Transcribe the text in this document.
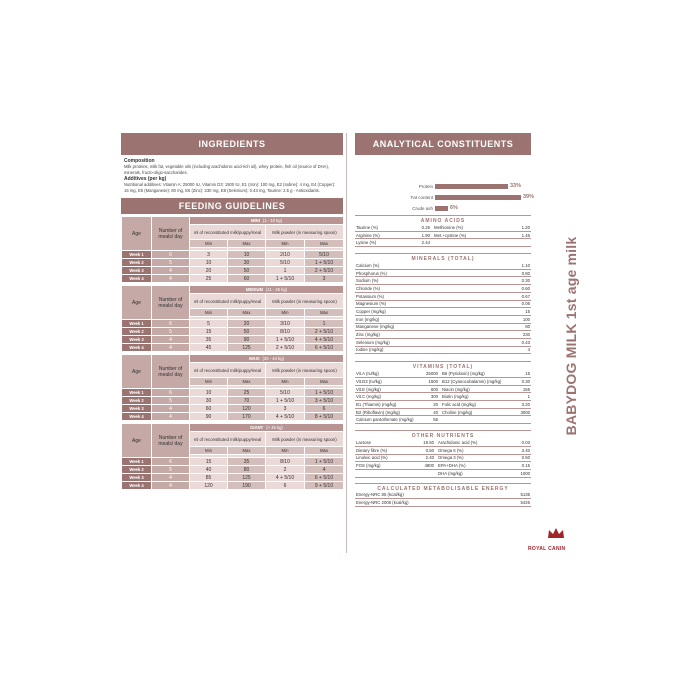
INGREDIENTS
Composition
Milk proteins, milk fat, vegetable oils (including arachidonic acid-rich oil), whey protein, fish oil (source of DHA), minerals, fructo-oligo-saccharides.
Additives (per kg)
Nutritional additives: Vitamin A: 25000 IU, Vitamin D3: 1500 IU, E1 (Iron): 100 mg, E2 (Iodine): 4 mg, E4 (Copper): 15 mg, E5 (Manganese): 80 mg, E6 (Zinc): 230 mg, E8 (Selenium): 0.43 mg, Taurine: 2.5 g - Antioxidants.
FEEDING GUIDELINES
Age	Number of meals/ day	MINI (1 - 10 kg)			
		ml of reconstituted milk/puppy/meal		Milk powder (in measuring spoon)	
		Min	Max	Min	Max

Week 1	6	3	10	2/10	5/10
Week 2	5	10	30	5/10	1 + 5/10
Week 3	4	20	50	1	2 + 5/10
Week 4	4	25	60	1 + 5/10	3
Age	Number of meals/ day	MEDIUM (11 - 25 kg)			
		ml of reconstituted milk/puppy/meal		Milk powder (in measuring spoon)	
		Min	Max	Min	Max

Week 1	6	5	20	3/10	1
Week 2	5	15	50	8/10	2 + 5/10
Week 3	4	35	90	1 + 5/10	4 + 5/10
Week 4	4	45	125	2 + 5/10	6 + 5/10
Age	Number of meals/ day	MAXI (26 - 44 kg)			
		ml of reconstituted milk/puppy/meal		Milk powder (in measuring spoon)	
		Min	Max	Min	Max

Week 1	6	10	25	5/10	1 + 5/10
Week 2	5	30	70	1 + 5/10	3 + 5/10
Week 3	4	60	120	3	6
Week 4	4	90	170	4 + 5/10	8 + 5/10
Age	Number of meals/ day	GIANT (> 45 kg)			
		ml of reconstituted milk/puppy/meal		Milk powder (in measuring spoon)	
		Min	Max	Min	Max

Week 1	6	15	35	8/10	1 + 5/10
Week 2	5	40	80	2	4
Week 3	4	85	125	4 + 5/10	6 + 5/10
Week 4	4	120	190	6	9 + 5/10
ANALYTICAL CONSTITUENTS
Protein	33%
Fat content	39%
Crude ash	6%
AMINO ACIDS
Taurine (%)	0.25	Methionine (%)	1.20
Arginine (%)	1.90	Met.+cystine (%)	1.46
Lysine (%)	2.44		
MINERALS (TOTAL)
Calcium (%)	1.10
Phosphorus (%)	0.80
Sodium (%)	0.30
Chloride (%)	0.60
Potassium (%)	0.67
Magnesium (%)	0.06
Copper (mg/kg)	15
Iron (mg/kg)	100
Manganese (mg/kg)	80
Zinc (mg/kg)	230
Selenium (mg/kg)	0.43
Iodine (mg/kg)	4
VITAMINS (TOTAL)
Vit.A (IU/kg)	25000	B6 (Pyridoxin) (mg/kg)	15
Vit.D3 (IU/kg)	1500	B12 (Cyanocobalamin) (mg/kg)	0.30
Vit.E (mg/kg)	600	Niacin (mg/kg)	155
Vit.C (mg/kg)	300	Biotin (mg/kg)	1
B1 (Thiamin) (mg/kg)	20	Folic acid (mg/kg)	3.20
B2 (Riboflavin) (mg/kg)	40	Choline (mg/kg)	3000
Calcium pantothenate (mg/kg)	56		
OTHER NUTRIENTS
Lactose	19.50	Arachidonic acid (%)	0.03
Dietary fibre (%)	0.50	Omega 6 (%)	3.40
Linoleic acid (%)	2.40	Omega 3 (%)	0.50
FOS (mg/kg)	4800	EPA+DHA (%)	0.15
		DHA (mg/kg)	1000
CALCULATED METABOLISABLE ENERGY
Energy-NRC 85 (kcal/kg)	5135
Energy-NRC 2006 (kcal/kg)	5426
BABYDOG MILK 1st age milk
ROYAL CANIN
